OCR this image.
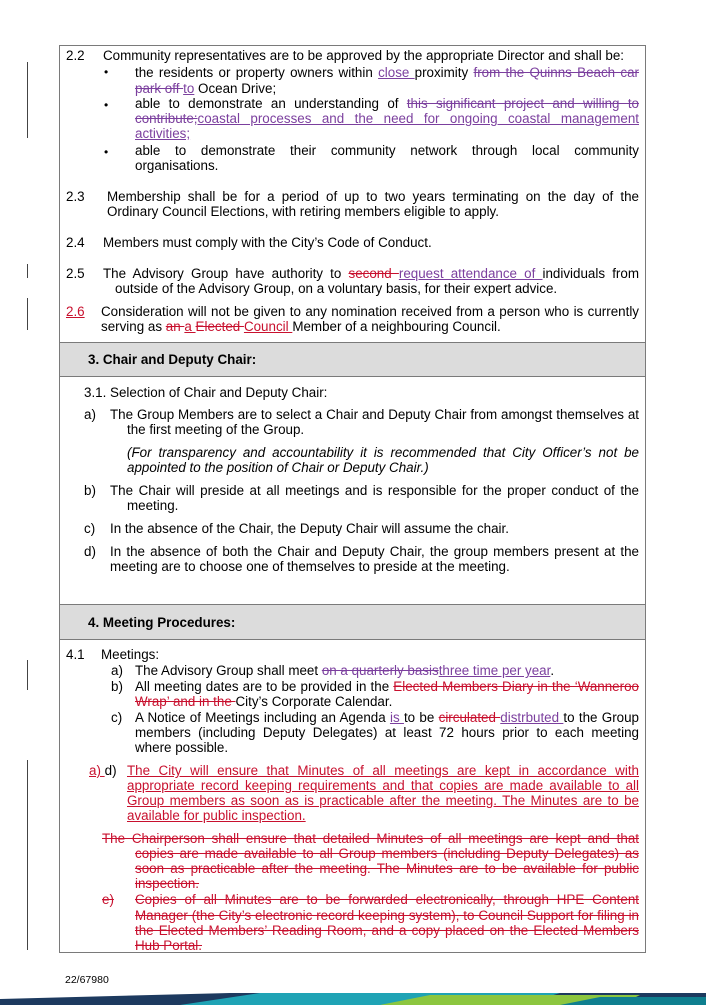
2.2 Community representatives are to be approved by the appropriate Director and shall be:
• the residents or property owners within close proximity from the Quinns Beach car
park off to Ocean Drive;
• able to demonstrate an understanding of this significant project and willing to
contribute;coastal processes and the need for ongoing coastal management
activities;
• able to demonstrate their community network through local community
organisations.
2.3 Membership shall be for a period of up to two years terminating on the day of the
Ordinary Council Elections, with retiring members eligible to apply.
2.4 Members must comply with the City’s Code of Conduct.
2.5 The Advisory Group have authority to second request attendance of individuals from
outside of the Advisory Group, on a voluntary basis, for their expert advice.
2.6 Consideration will not be given to any nomination received from a person who is currently
serving as an a Elected Council Member of a neighbouring Council.
3. Chair and Deputy Chair:
3.1. Selection of Chair and Deputy Chair:
a) The Group Members are to select a Chair and Deputy Chair from amongst themselves at
the first meeting of the Group.
(For transparency and accountability it is recommended that City Officer’s not be
appointed to the position of Chair or Deputy Chair.)
b) The Chair will preside at all meetings and is responsible for the proper conduct of the
meeting.
c) In the absence of the Chair, the Deputy Chair will assume the chair.
d) In the absence of both the Chair and Deputy Chair, the group members present at the
meeting are to choose one of themselves to preside at the meeting.
4. Meeting Procedures:
4.1 Meetings:
a) The Advisory Group shall meet on a quarterly basisthree time per year.
b) All meeting dates are to be provided in the Elected Members Diary in the ‘Wanneroo
Wrap’ and in the City’s Corporate Calendar.
c) A Notice of Meetings including an Agenda is to be circulated distrbuted to the Group
members (including Deputy Delegates) at least 72 hours prior to each meeting
where possible.
a) d) The City will ensure that Minutes of all meetings are kept in accordance with
appropriate record keeping requirements and that copies are made available to all
Group members as soon as is practicable after the meeting. The Minutes are to be
available for public inspection.
The Chairperson shall ensure that detailed Minutes of all meetings are kept and that
copies are made available to all Group members (including Deputy Delegates) as
soon as practicable after the meeting. The Minutes are to be available for public
inspection.
e) Copies of all Minutes are to be forwarded electronically, through HPE Content
Manager (the City’s electronic record keeping system), to Council Support for filing in
the Elected Members’ Reading Room, and a copy placed on the Elected Members
Hub Portal.
22/67980
